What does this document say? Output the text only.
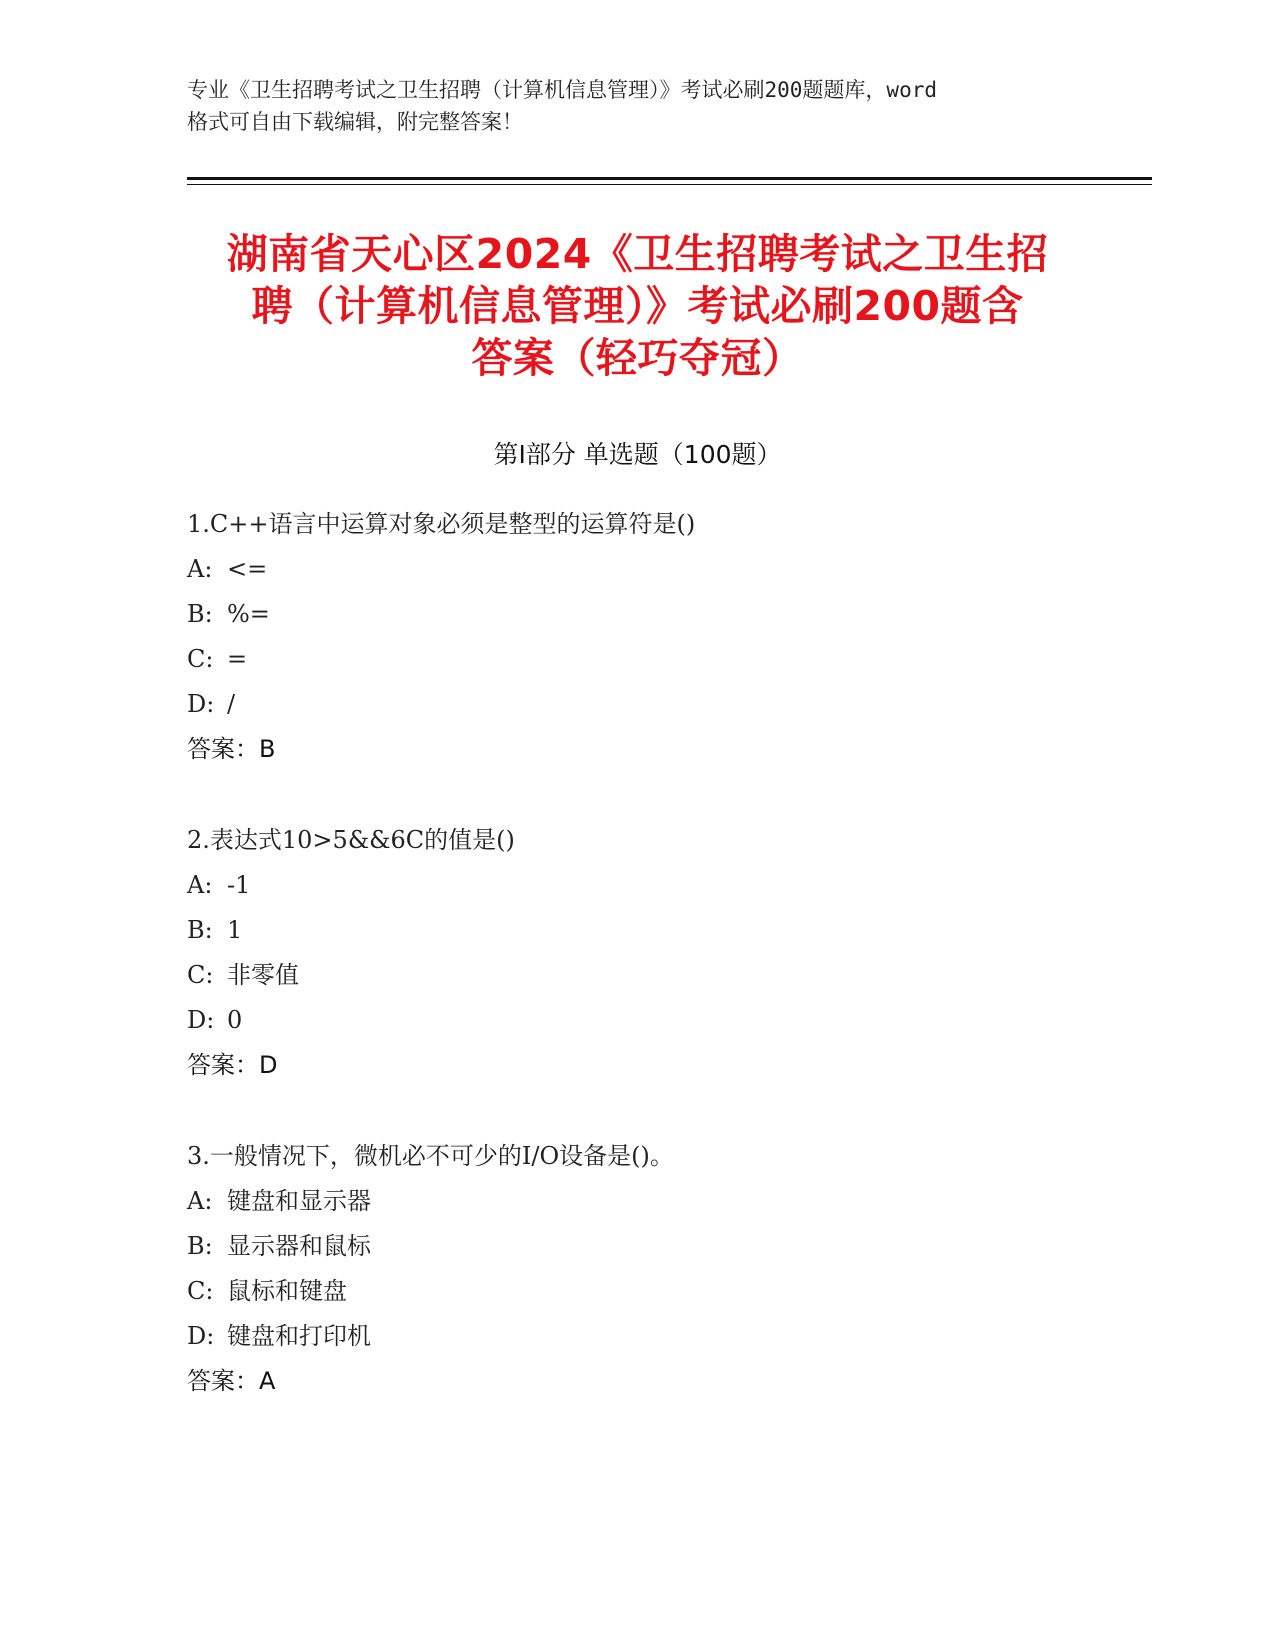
专业《卫生招聘考试之卫生招聘（计算机信息管理）》考试必刷200题题库，word
格式可自由下载编辑，附完整答案！
湖南省天心区2024《卫生招聘考试之卫生招
聘（计算机信息管理）》考试必刷200题含
答案（轻巧夺冠）
第Ⅰ部分 单选题（100题）
1.C++语言中运算对象必须是整型的运算符是()
A: <=
B: %=
C: =
D: /
答案：B
2.表达式10>5&&6C的值是()
A: -1
B: 1
C: 非零值
D: 0
答案：D
3.一般情况下，微机必不可少的I/O设备是()。
A: 键盘和显示器
B: 显示器和鼠标
C: 鼠标和键盘
D: 键盘和打印机
答案：A
